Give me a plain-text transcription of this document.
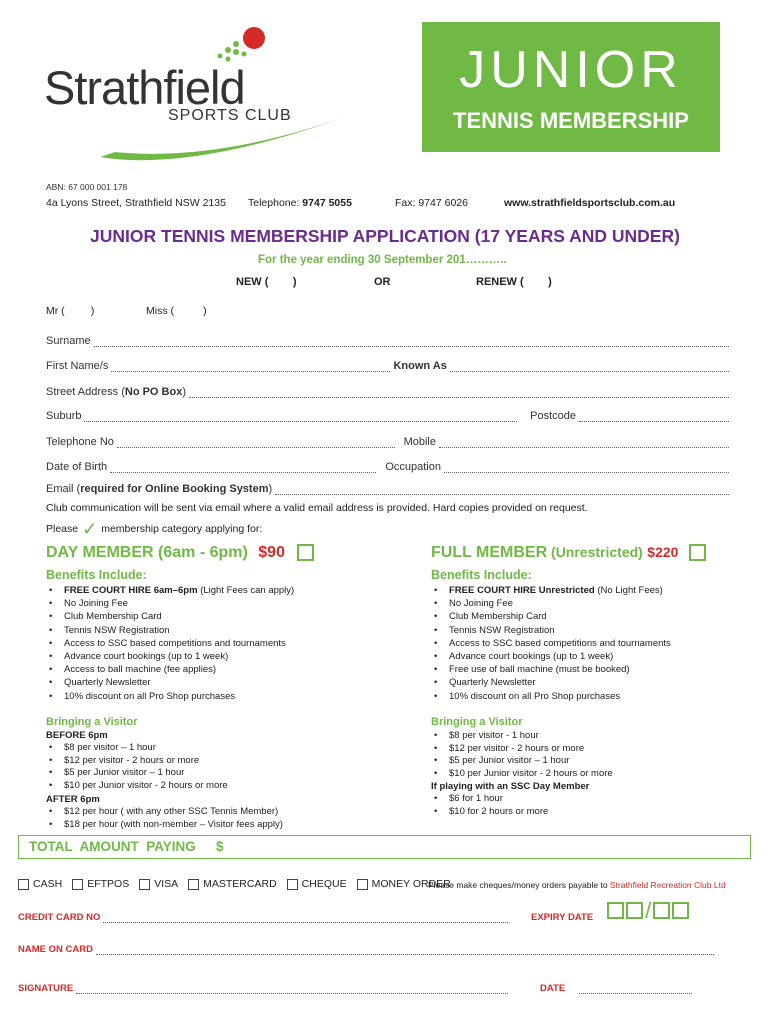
Strathfield
SPORTS CLUB
JUNIOR
TENNIS MEMBERSHIP
ABN: 67 000 001 178
4a Lyons Street, Strathfield NSW 2135 Telephone: 9747 5055	Fax: 9747 6026	www.strathfieldsportsclub.com.au
JUNIOR TENNIS MEMBERSHIP APPLICATION (17 YEARS AND UNDER)
For the year ending 30 September 201………..
NEW (        )	OR	RENEW (        )
Mr (         )	Miss (          )
Surname
First Name/s	Known As
Street Address (No PO Box)
Suburb	Postcode
Telephone No	Mobile
Date of Birth	Occupation
Email (required for Online Booking System)
Club communication will be sent via email where a valid email address is provided. Hard copies provided on request.
Please ✓ membership category applying for:
DAY MEMBER (6am - 6pm) $90
Benefits Include:
• FREE COURT HIRE 6am–6pm (Light Fees can apply)
• No Joining Fee
• Club Membership Card
• Tennis NSW Registration
• Access to SSC based competitions and tournaments
• Advance court bookings (up to 1 week)
• Access to ball machine (fee applies)
• Quarterly Newsletter
• 10% discount on all Pro Shop purchases
Bringing a Visitor
BEFORE 6pm
• $8 per visitor – 1 hour
• $12 per visitor - 2 hours or more
• $5 per Junior visitor – 1 hour
• $10 per Junior visitor - 2 hours or more
AFTER 6pm
• $12 per hour ( with any other SSC Tennis Member)
• $18 per hour (with non-member – Visitor fees apply)
FULL MEMBER (Unrestricted) $220
Benefits Include:
• FREE COURT HIRE Unrestricted (No Light Fees)
• No Joining Fee
• Club Membership Card
• Tennis NSW Registration
• Access to SSC based competitions and tournaments
• Advance court bookings (up to 1 week)
• Free use of ball machine (must be booked)
• Quarterly Newsletter
• 10% discount on all Pro Shop purchases
Bringing a Visitor
• $8 per visitor - 1 hour
• $12 per visitor - 2 hours or more
• $5 per Junior visitor – 1 hour
• $10 per Junior visitor - 2 hours or more
If playing with an SSC Day Member
• $6 for 1 hour
• $10 for 2 hours or more
TOTAL  AMOUNT  PAYING $
CASH EFTPOS VISA MASTERCARD CHEQUE MONEY ORDER
Please make cheques/money orders payable to Strathfield Recreation Club Ltd
CREDIT CARD NO	EXPIRY DATE /
NAME ON CARD
SIGNATURE	DATE
